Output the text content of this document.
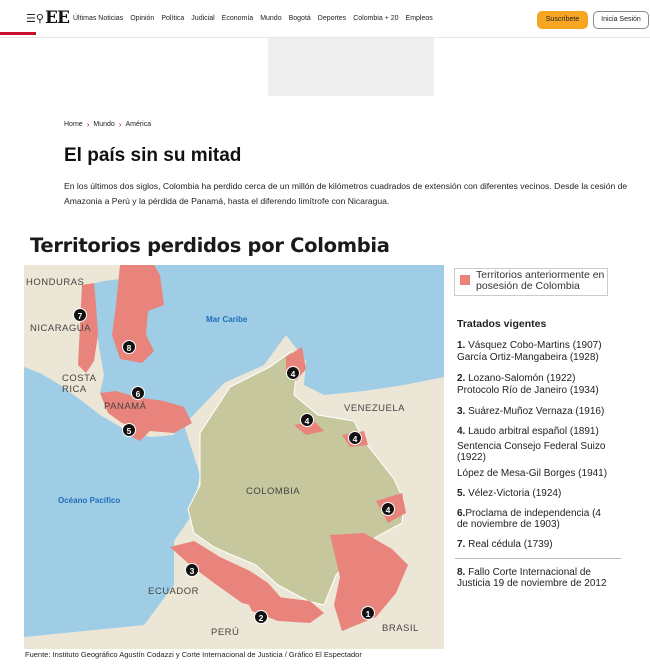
☰⚲ EE Últimas Noticias Opinión Política Judicial Economía Mundo Bogotá Deportes Colombia + 20 Empleos	Suscríbete	Inicia Sesión
Home › Mundo › América
El país sin su mitad

En los últimos dos siglos, Colombia ha perdido cerca de un millón de kilómetros cuadrados de extensión con diferentes vecinos. Desde la cesión de Amazonia a Perú y la pérdida de Panamá, hasta el diferendo limítrofe con Nicaragua.

Territorios perdidos por Colombia
HONDURAS
NICARAGUA
COSTA
RICA
PANAMÁ	VENEZUELA
COLOMBIA
ECUADOR
PERÚ	BRASIL
Mar Caribe
Océano Pacífico
7
8
6
5
4
4
4
4
3
2	1
Territorios anteriormente en posesión de Colombia
Tratados vigentes
1. Vásquez Cobo-Martins (1907)
García Ortiz-Mangabeira (1928)
2. Lozano-Salomón (1922)
Protocolo Río de Janeiro (1934)
3. Suárez-Muñoz Vernaza (1916)
4. Laudo arbitral español (1891)
Sentencia Consejo Federal Suizo (1922)
López de Mesa-Gil Borges (1941)
5. Vélez-Victoria (1924)
6.Proclama de independencia (4 de noviembre de 1903)
7. Real cédula (1739)
8. Fallo Corte Internacional de Justicia 19 de noviembre de 2012
Fuente: Instituto Geográfico Agustín Codazzi y Corte Internacional de Justicia / Gráfico El Espectador
